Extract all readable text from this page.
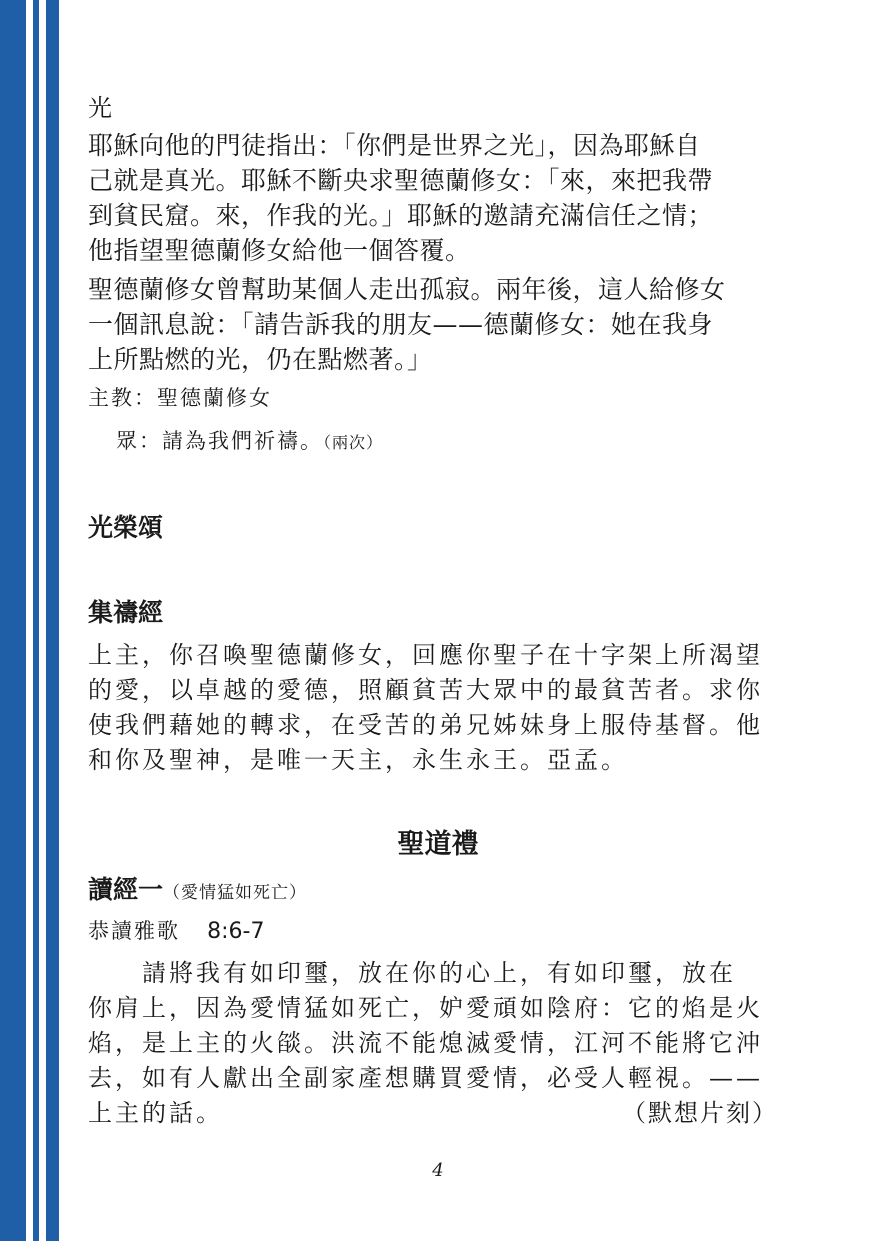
光
耶穌向他的門徒指出：「你們是世界之光」，因為耶穌自
己就是真光。耶穌不斷央求聖德蘭修女：「來，來把我帶
到貧民窟。來，作我的光。」耶穌的邀請充滿信任之情；
他指望聖德蘭修女給他一個答覆。
聖德蘭修女曾幫助某個人走出孤寂。兩年後，這人給修女
一個訊息說：「請告訴我的朋友——德蘭修女：她在我身
上所點燃的光，仍在點燃著。」
主教：聖德蘭修女
眾：請為我們祈禱。（兩次）
光榮頌
集禱經
上主，你召喚聖德蘭修女，回應你聖子在十字架上所渴望
的愛，以卓越的愛德，照顧貧苦大眾中的最貧苦者。求你
使我們藉她的轉求，在受苦的弟兄姊妹身上服侍基督。他
和你及聖神，是唯一天主，永生永王。亞孟。
聖道禮
讀經一（愛情猛如死亡）
恭讀雅歌 8:6-7
　　請將我有如印璽，放在你的心上，有如印璽，放在
你肩上，因為愛情猛如死亡，妒愛頑如陰府：它的焰是火
焰，是上主的火燄。洪流不能熄滅愛情，江河不能將它沖
去，如有人獻出全副家產想購買愛情，必受人輕視。——
上主的話。	（默想片刻）
4
